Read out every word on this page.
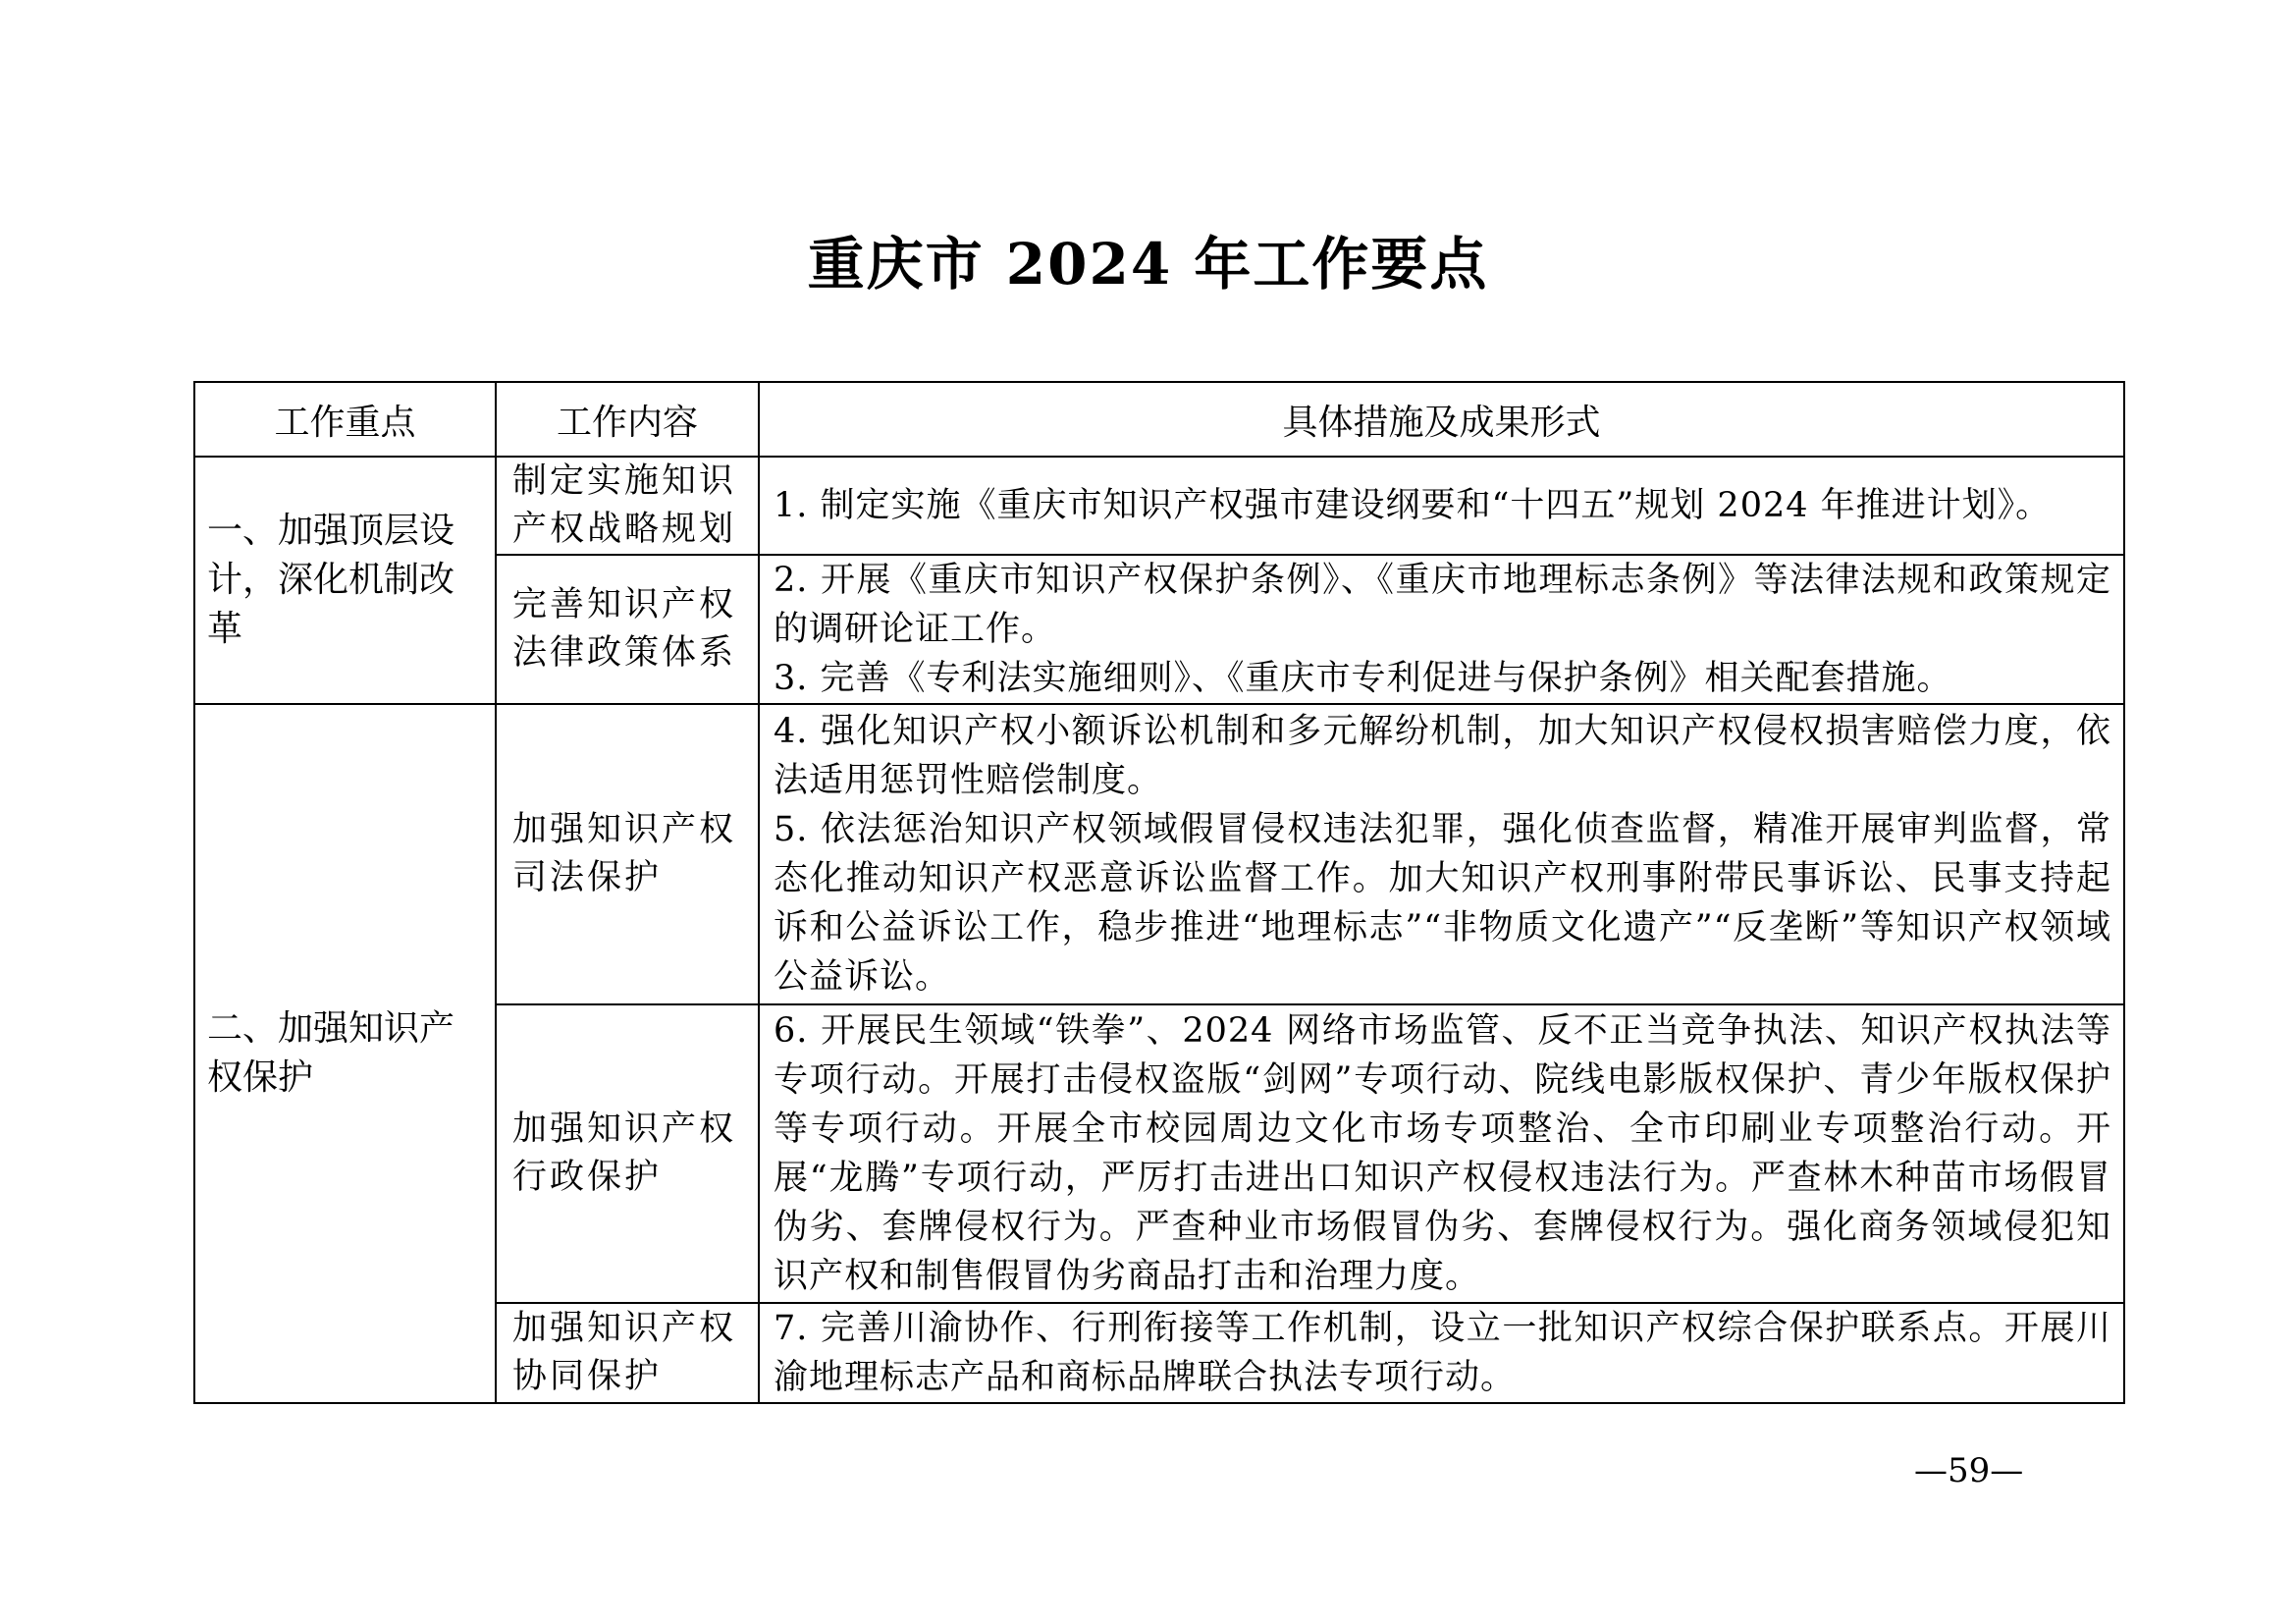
重庆市 2024 年工作要点
工作重点	工作内容	具体措施及成果形式
一、加强顶层设计，深化机制改革	制定实施知识产权战略规划	1. 制定实施《重庆市知识产权强市建设纲要和“十四五”规划 2024 年推进计划》。

	完善知识产权法律政策体系	2. 开展《重庆市知识产权保护条例》、《重庆市地理标志条例》等法律法规和政策规定的调研论证工作。

3. 完善《专利法实施细则》、《重庆市专利促进与保护条例》相关配套措施。

二、加强知识产权保护	加强知识产权司法保护	4. 强化知识产权小额诉讼机制和多元解纷机制，加大知识产权侵权损害赔偿力度，依法适用惩罚性赔偿制度。

5. 依法惩治知识产权领域假冒侵权违法犯罪，强化侦查监督，精准开展审判监督，常态化推动知识产权恶意诉讼监督工作。加大知识产权刑事附带民事诉讼、民事支持起诉和公益诉讼工作，稳步推进“地理标志”“非物质文化遗产”“反垄断”等知识产权领域公益诉讼。

	加强知识产权行政保护	6. 开展民生领域“铁拳”、2024 网络市场监管、反不正当竞争执法、知识产权执法等专项行动。开展打击侵权盗版“剑网”专项行动、院线电影版权保护、青少年版权保护等专项行动。开展全市校园周边文化市场专项整治、全市印刷业专项整治行动。开展“龙腾”专项行动，严厉打击进出口知识产权侵权违法行为。严查林木种苗市场假冒伪劣、套牌侵权行为。严查种业市场假冒伪劣、套牌侵权行为。强化商务领域侵犯知识产权和制售假冒伪劣商品打击和治理力度。

	加强知识产权协同保护	7. 完善川渝协作、行刑衔接等工作机制，设立一批知识产权综合保护联系点。开展川渝地理标志产品和商标品牌联合执法专项行动。

—59—
